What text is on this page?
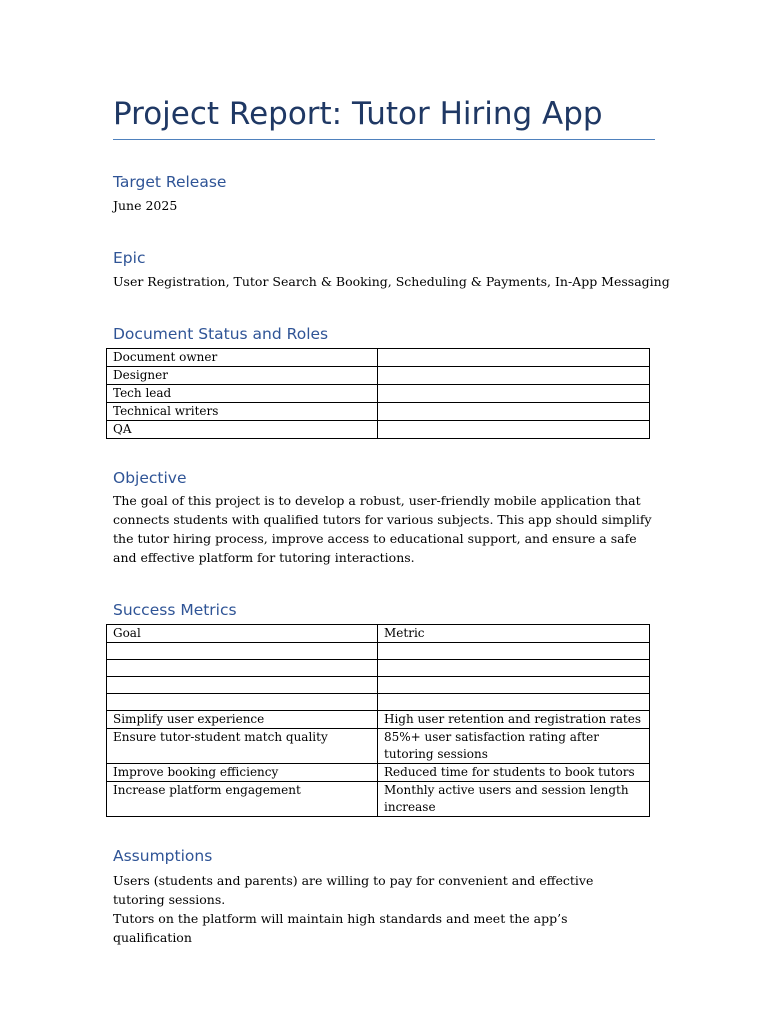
Project Report: Tutor Hiring App
Target Release

June 2025

Epic

User Registration, Tutor Search & Booking, Scheduling & Payments, In-App Messaging

Document Status and Roles
Document owner	
Designer	
Tech lead	
Technical writers	
QA	
Objective

The goal of this project is to develop a robust, user-friendly mobile application that connects students with qualified tutors for various subjects. This app should simplify the tutor hiring process, improve access to educational support, and ensure a safe and effective platform for tutoring interactions.

Success Metrics
Goal	Metric

Simplify user experience	High user retention and registration rates
Ensure tutor-student match quality	85%+ user satisfaction rating after tutoring sessions
Improve booking efficiency	Reduced time for students to book tutors
Increase platform engagement	Monthly active users and session length increase
Assumptions

Users (students and parents) are willing to pay for convenient and effective tutoring sessions.

Tutors on the platform will maintain high standards and meet the app’s qualification
